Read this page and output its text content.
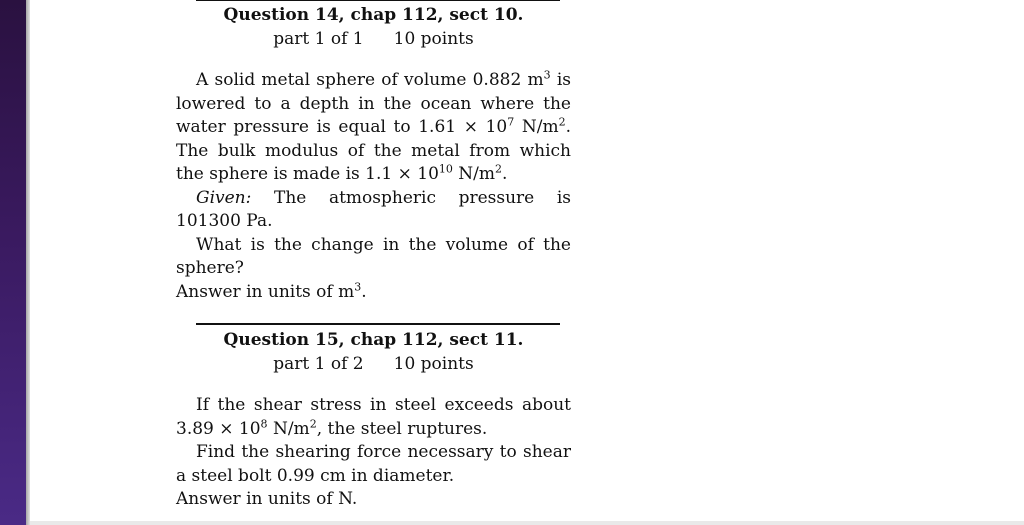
Question 14, chap 112, sect 10.
part 1 of 1 10 points

A solid metal sphere of volume 0.882 $m^3$ is lowered to a depth in the ocean where the water pressure is equal to $1.61 \times 10^7$ $N/m^2$. The bulk modulus of the metal from which the sphere is made is $1.1 \times 10^{10}$ $N/m^2$.

Given: The atmospheric pressure is 101300 Pa.

What is the change in the volume of the sphere?

Answer in units of $m^3$.

Question 15, chap 112, sect 11.
part 1 of 2 10 points

If the shear stress in steel exceeds about $3.89 \times 10^8$ $N/m^2$, the steel ruptures.

Find the shearing force necessary to shear a steel bolt 0.99 cm in diameter.

Answer in units of N.
